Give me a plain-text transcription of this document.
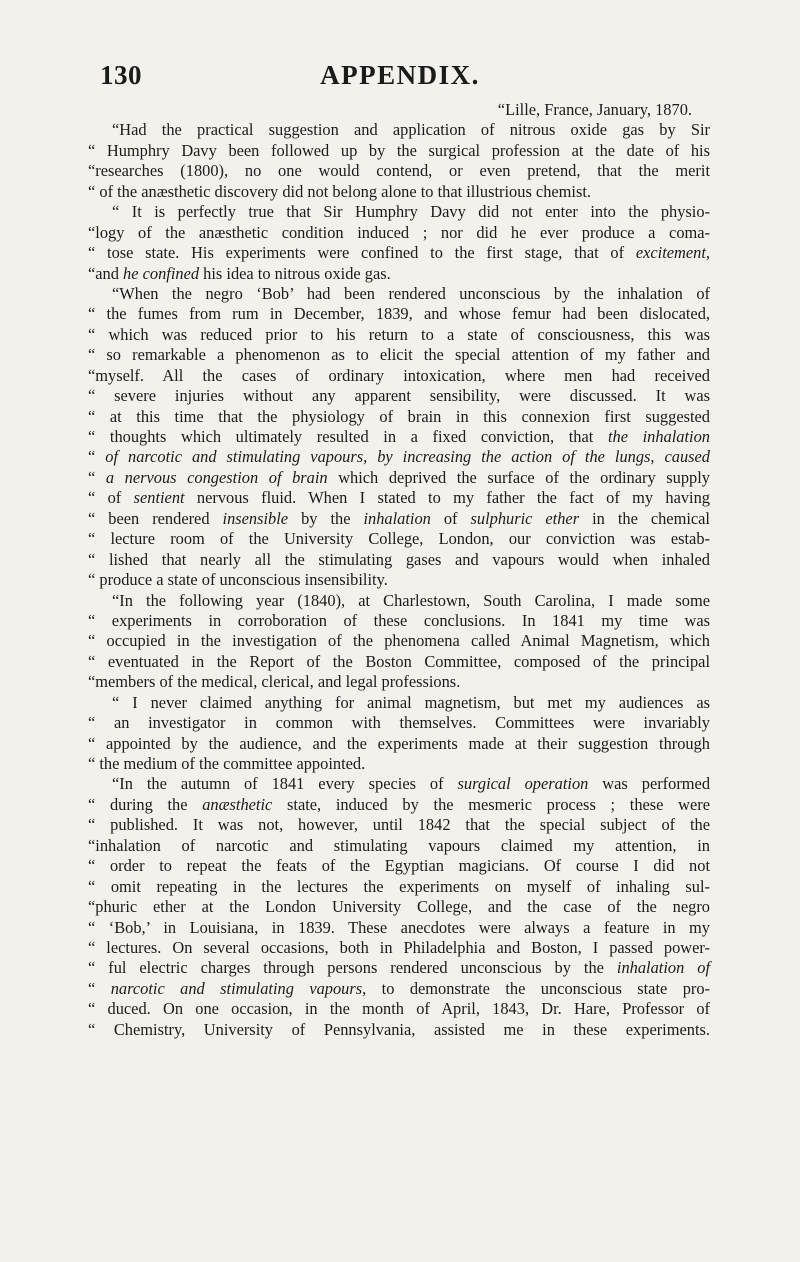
130	APPENDIX.
“Lille, France, January, 1870.
“Had the practical suggestion and application of nitrous oxide gas by Sir
“ Humphry Davy been followed up by the surgical profession at the date of his
“researches (1800), no one would contend, or even pretend, that the merit
“ of the anæsthetic discovery did not belong alone to that illustrious chemist.
“ It is perfectly true that Sir Humphry Davy did not enter into the physio-
“logy of the anæsthetic condition induced ; nor did he ever produce a coma-
“ tose state. His experiments were confined to the first stage, that of excitement,
“and he confined his idea to nitrous oxide gas.
“When the negro ‘Bob’ had been rendered unconscious by the inhalation of
“ the fumes from rum in December, 1839, and whose femur had been dislocated,
“ which was reduced prior to his return to a state of consciousness, this was
“ so remarkable a phenomenon as to elicit the special attention of my father and
“myself. All the cases of ordinary intoxication, where men had received
“ severe injuries without any apparent sensibility, were discussed. It was
“ at this time that the physiology of brain in this connexion first suggested
“ thoughts which ultimately resulted in a fixed conviction, that the inhalation
“ of narcotic and stimulating vapours, by increasing the action of the lungs, caused
“ a nervous congestion of brain which deprived the surface of the ordinary supply
“ of sentient nervous fluid. When I stated to my father the fact of my having
“ been rendered insensible by the inhalation of sulphuric ether in the chemical
“ lecture room of the University College, London, our conviction was estab-
“ lished that nearly all the stimulating gases and vapours would when inhaled
“ produce a state of unconscious insensibility.
“In the following year (1840), at Charlestown, South Carolina, I made some
“ experiments in corroboration of these conclusions. In 1841 my time was
“ occupied in the investigation of the phenomena called Animal Magnetism, which
“ eventuated in the Report of the Boston Committee, composed of the principal
“members of the medical, clerical, and legal professions.
“ I never claimed anything for animal magnetism, but met my audiences as
“ an investigator in common with themselves. Committees were invariably
“ appointed by the audience, and the experiments made at their suggestion through
“ the medium of the committee appointed.
“In the autumn of 1841 every species of surgical operation was performed
“ during the anæsthetic state, induced by the mesmeric process ; these were
“ published. It was not, however, until 1842 that the special subject of the
“inhalation of narcotic and stimulating vapours claimed my attention, in
“ order to repeat the feats of the Egyptian magicians. Of course I did not
“ omit repeating in the lectures the experiments on myself of inhaling sul-
“phuric ether at the London University College, and the case of the negro
“ ‘Bob,’ in Louisiana, in 1839. These anecdotes were always a feature in my
“ lectures. On several occasions, both in Philadelphia and Boston, I passed power-
“ ful electric charges through persons rendered unconscious by the inhalation of
“ narcotic and stimulating vapours, to demonstrate the unconscious state pro-
“ duced. On one occasion, in the month of April, 1843, Dr. Hare, Professor of
“ Chemistry, University of Pennsylvania, assisted me in these experiments.
